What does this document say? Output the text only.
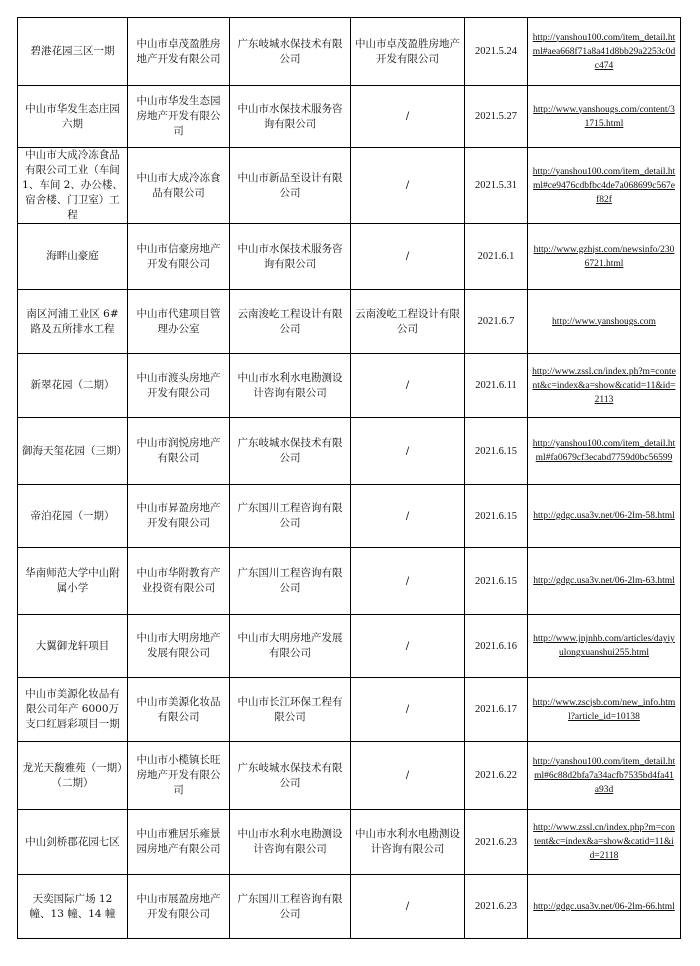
碧港花园三区一期	中山市卓茂盈胜房地产开发有限公司	广东岐城水保技术有限公司	中山市卓茂盈胜房地产开发有限公司	2021.5.24	http://yanshou100.com/item_detail.html#aea668f71a8a41d8bb29a2253c0dc474
中山市华发生态庄园六期	中山市华发生态园房地产开发有限公司	中山市水保技术服务咨询有限公司	/	2021.5.27	http://www.yanshougs.com/content/31715.html
中山市大成冷冻食品有限公司工业（车间 1、车间 2、办公楼、宿舍楼、门卫室）工程	中山市大成冷冻食品有限公司	中山市新品至设计有限公司	/	2021.5.31	http://yanshou100.com/item_detail.html#ce9476cdbfbc4de7a068699c567ef82f
海畔山豪庭	中山市信豪房地产开发有限公司	中山市水保技术服务咨询有限公司	/	2021.6.1	http://www.gzhjst.com/newsinfo/2306721.html
南区河浦工业区 6#路及五所排水工程	中山市代建项目管理办公室	云南浚屹工程设计有限公司	云南浚屹工程设计有限公司	2021.6.7	http://www.yanshougs.com
新翠花园（二期）	中山市渡头房地产开发有限公司	中山市水利水电勘测设计咨询有限公司	/	2021.6.11	http://www.zssl.cn/index.ph?m=content&c=index&a=show&catid=11&id=2113
御海天玺花园（三期）	中山市润悦房地产有限公司	广东岐城水保技术有限公司	/	2021.6.15	http://yanshou100.com/item_detail.html#fa0679cf3ecabd7759d0bc56599
帝泊花园（一期）	中山市昇盈房地产开发有限公司	广东国川工程咨询有限公司	/	2021.6.15	http://gdgc.usa3v.net/06-2lm-58.html
华南师范大学中山附属小学	中山市华附教育产业投资有限公司	广东国川工程咨询有限公司	/	2021.6.15	http://gdgc.usa3v.net/06-2lm-63.html
大翼御龙轩项目	中山市大明房地产发展有限公司	中山市大明房地产发展有限公司	/	2021.6.16	http://www.jnjnhb.com/articles/dayiyulongxuanshui255.html
中山市美源化妆品有限公司年产 6000万支口红唇彩项目一期	中山市美源化妆品有限公司	中山市长江环保工程有限公司	/	2021.6.17	http://www.zscjsb.com/new_info.html?article_id=10138
龙光天馥雅苑（一期）（二期）	中山市小榄镇长旺房地产开发有限公司	广东岐城水保技术有限公司	/	2021.6.22	http://yanshou100.com/item_detail.html#6c88d2bfa7a34acfb7535bd4fa41a93d
中山剑桥郡花园七区	中山市雅居乐雍景园房地产有限公司	中山市水利水电勘测设计咨询有限公司	中山市水利水电勘测设计咨询有限公司	2021.6.23	http://www.zssl.cn/index.php?m=content&c=index&a=show&catid=11&id=2118
天奕国际广场 12 幢、13 幢、14 幢	中山市展盈房地产开发有限公司	广东国川工程咨询有限公司	/	2021.6.23	http://gdgc.usa3v.net/06-2lm-66.html
